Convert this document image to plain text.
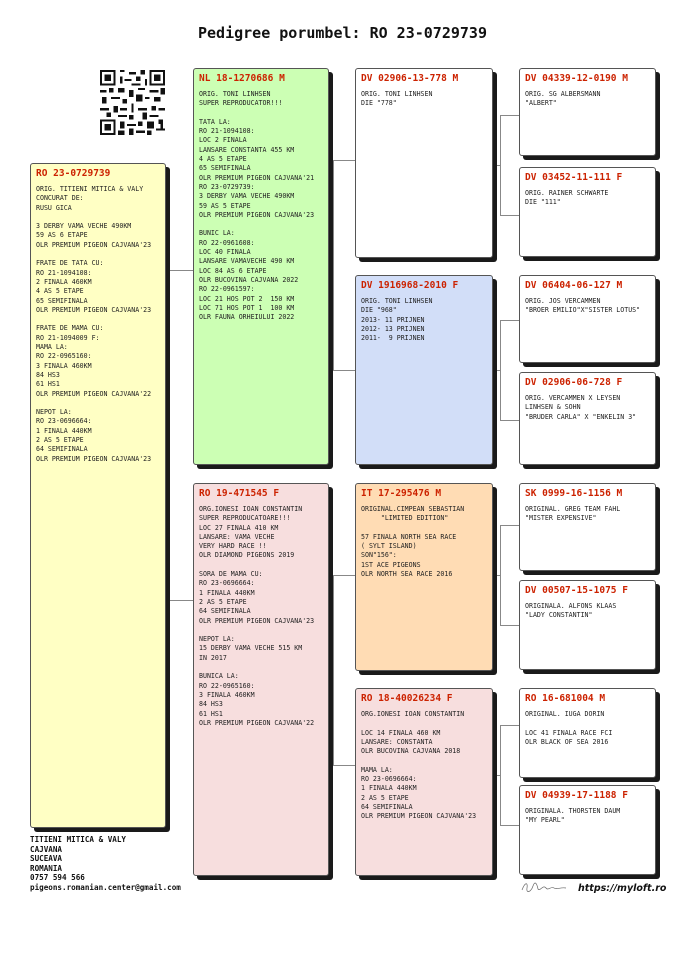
Pedigree porumbel: RO 23-0729739
RO 23-0729739
ORIG. TITIENI MITICA & VALY
CONCURAT DE:
RUSU GICA

3 DERBY VAMA VECHE 490KM
59 AS 6 ETAPE
OLR PREMIUM PIGEON CAJVANA'23

FRATE DE TATA CU:
RO 21-1094108:
2 FINALA 460KM
4 AS 5 ETAPE
65 SEMIFINALA
OLR PREMIUM PIGEON CAJVANA'23

FRATE DE MAMA CU:
RO 21-1094009 F:
MAMA LA:
RO 22-0965160:
3 FINALA 460KM
84 HS3
61 HS1
OLR PREMIUM PIGEON CAJVANA'22

NEPOT LA:
RO 23-0696664:
1 FINALA 440KM
2 AS 5 ETAPE
64 SEMIFINALA
OLR PREMIUM PIGEON CAJVANA'23
NL 18-1270686 M
ORIG. TONI LINHSEN
SUPER REPRODUCATOR!!!

TATA LA:
RO 21-1094108:
LOC 2 FINALA
LANSARE CONSTANTA 455 KM
4 AS 5 ETAPE
65 SEMIFINALA
OLR PREMIUM PIGEON CAJVANA'21
RO 23-0729739:
3 DERBY VAMA VECHE 490KM
59 AS 5 ETAPE
OLR PREMIUM PIGEON CAJVANA'23

BUNIC LA:
RO 22-0961608:
LOC 40 FINALA
LANSARE VAMAVECHE 490 KM
LOC 84 AS 6 ETAPE
OLR BUCOVINA CAJVANA 2022
RO 22-0961597:
LOC 21 HOS POT 2  150 KM
LOC 71 HOS POT 1  100 KM
OLR FAUNA ORHEIULUI 2022
RO 19-471545 F
ORG.IONESI IOAN CONSTANTIN
SUPER REPRODUCATOARE!!!
LOC 27 FINALA 410 KM
LANSARE: VAMA VECHE
VERY HARD RACE !!
OLR DIAMOND PIGEONS 2019

SORA DE MAMA CU:
RO 23-0696664:
1 FINALA 440KM
2 AS 5 ETAPE
64 SEMIFINALA
OLR PREMIUM PIGEON CAJVANA'23

NEPOT LA:
15 DERBY VAMA VECHE 515 KM
IN 2017

BUNICA LA:
RO 22-0965160:
3 FINALA 460KM
84 HS3
61 HS1
OLR PREMIUM PIGEON CAJVANA'22
DV 02906-13-778 M
ORIG. TONI LINHSEN
DIE "778"
DV 1916968-2010 F
ORIG. TONI LINHSEN
DIE "968"
2013- 11 PRIJNEN
2012- 13 PRIJNEN
2011-  9 PRIJNEN
IT 17-295476 M
ORIGINAL.CIMPEAN SEBASTIAN
"LIMITED EDITION"

57 FINALA NORTH SEA RACE
( SYLT ISLAND)
SON"156":
1ST ACE PIGEONS
OLR NORTH SEA RACE 2016
RO 18-40026234 F
ORG.IONESI IOAN CONSTANTIN

LOC 14 FINALA 460 KM
LANSARE: CONSTANTA
OLR BUCOVINA CAJVANA 2018

MAMA LA:
RO 23-0696664:
1 FINALA 440KM
2 AS 5 ETAPE
64 SEMIFINALA
OLR PREMIUM PIGEON CAJVANA'23
DV 04339-12-0190 M
ORIG. SG ALBERSMANN
"ALBERT"
DV 03452-11-111 F
ORIG. RAINER SCHWARTE
DIE "111"
DV 06404-06-127 M
ORIG. JOS VERCAMMEN
"BROER EMILIO"X"SISTER LOTUS"
DV 02906-06-728 F
ORIG. VERCAMMEN X LEYSEN
LINHSEN & SOHN
"BRUDER CARLA" X "ENKELIN 3"
SK 0999-16-1156 M
ORIGINAL. GREG TEAM FAHL
"MISTER EXPENSIVE"
DV 00507-15-1075 F
ORIGINALA. ALFONS KLAAS
"LADY CONSTANTIN"
RO 16-681004 M
ORIGINAL. IUGA DORIN

LOC 41 FINALA RACE FCI
OLR BLACK OF SEA 2016
DV 04939-17-1188 F
ORIGINALA. THORSTEN DAUM
"MY PEARL"
TITIENI MITICA & VALY
CAJVANA
SUCEAVA
ROMANIA
0757 594 566
pigeons.romanian.center@gmail.com	https://myloft.ro
